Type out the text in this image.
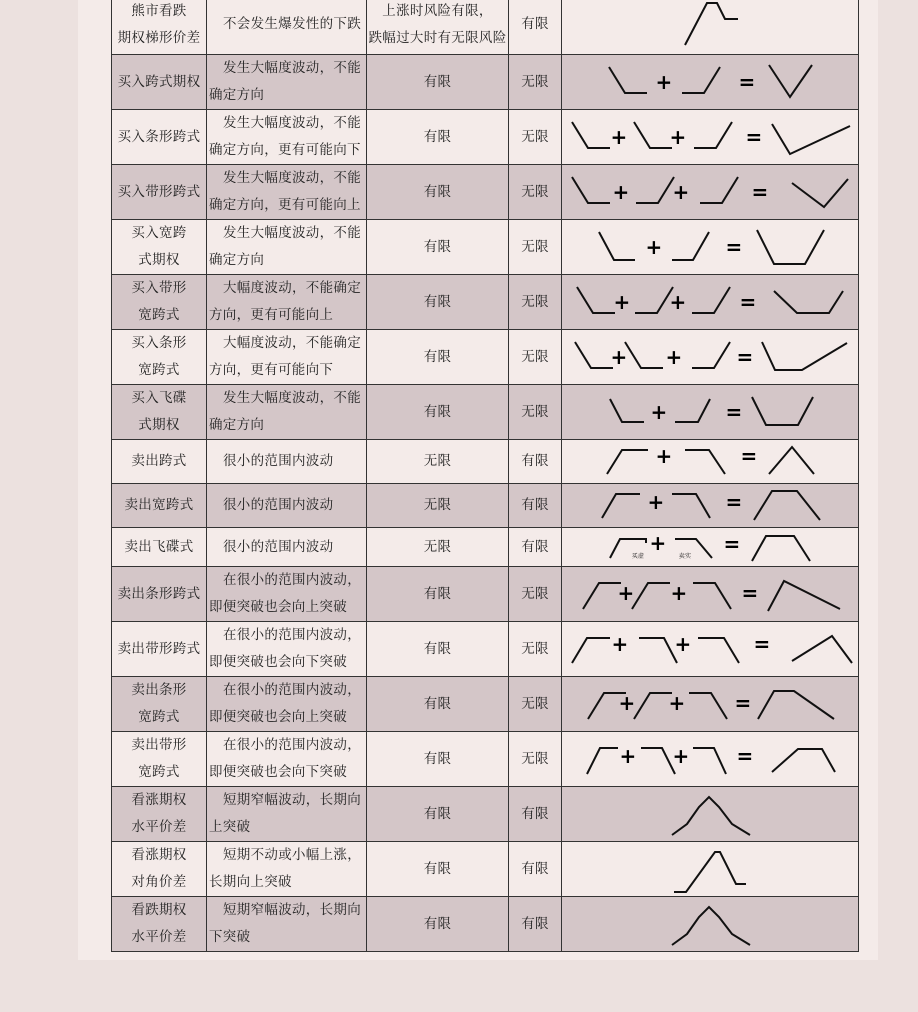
熊市看跌
期权梯形价差	不会发生爆发性的下跌	上涨时风险有限，
跌幅过大时有无限风险	有限	

买入跨式期权	发生大幅度波动，不能
确定方向	有限	无限	+ =

买入条形跨式	发生大幅度波动，不能
确定方向，更有可能向下	有限	无限	+ + =

买入带形跨式	发生大幅度波动，不能
确定方向，更有可能向上	有限	无限	+ + =

买入宽跨
式期权	发生大幅度波动，不能
确定方向	有限	无限	+ =

买入带形
宽跨式	大幅度波动，不能确定
方向，更有可能向上	有限	无限	+ + =

买入条形
宽跨式	大幅度波动，不能确定
方向，更有可能向下	有限	无限	+ + =

买入飞碟
式期权	发生大幅度波动，不能
确定方向	有限	无限	+ =

卖出跨式	很小的范围内波动	无限	有限	+ =

卖出宽跨式	很小的范围内波动	无限	有限	+ =

卖出飞碟式	很小的范围内波动	无限	有限	+
买虚 卖实
=

卖出条形跨式	在很小的范围内波动，
即便突破也会向上突破	有限	无限	+ + =

卖出带形跨式	在很小的范围内波动，
即便突破也会向下突破	有限	无限	+ + =

卖出条形
宽跨式	在很小的范围内波动，
即便突破也会向上突破	有限	无限	+ + =

卖出带形
宽跨式	在很小的范围内波动，
即便突破也会向下突破	有限	无限	+ + =

看涨期权
水平价差	短期窄幅波动，长期向
上突破	有限	有限	

看涨期权
对角价差	短期不动或小幅上涨，
长期向上突破	有限	有限	

看跌期权
水平价差	短期窄幅波动，长期向
下突破	有限	有限	
